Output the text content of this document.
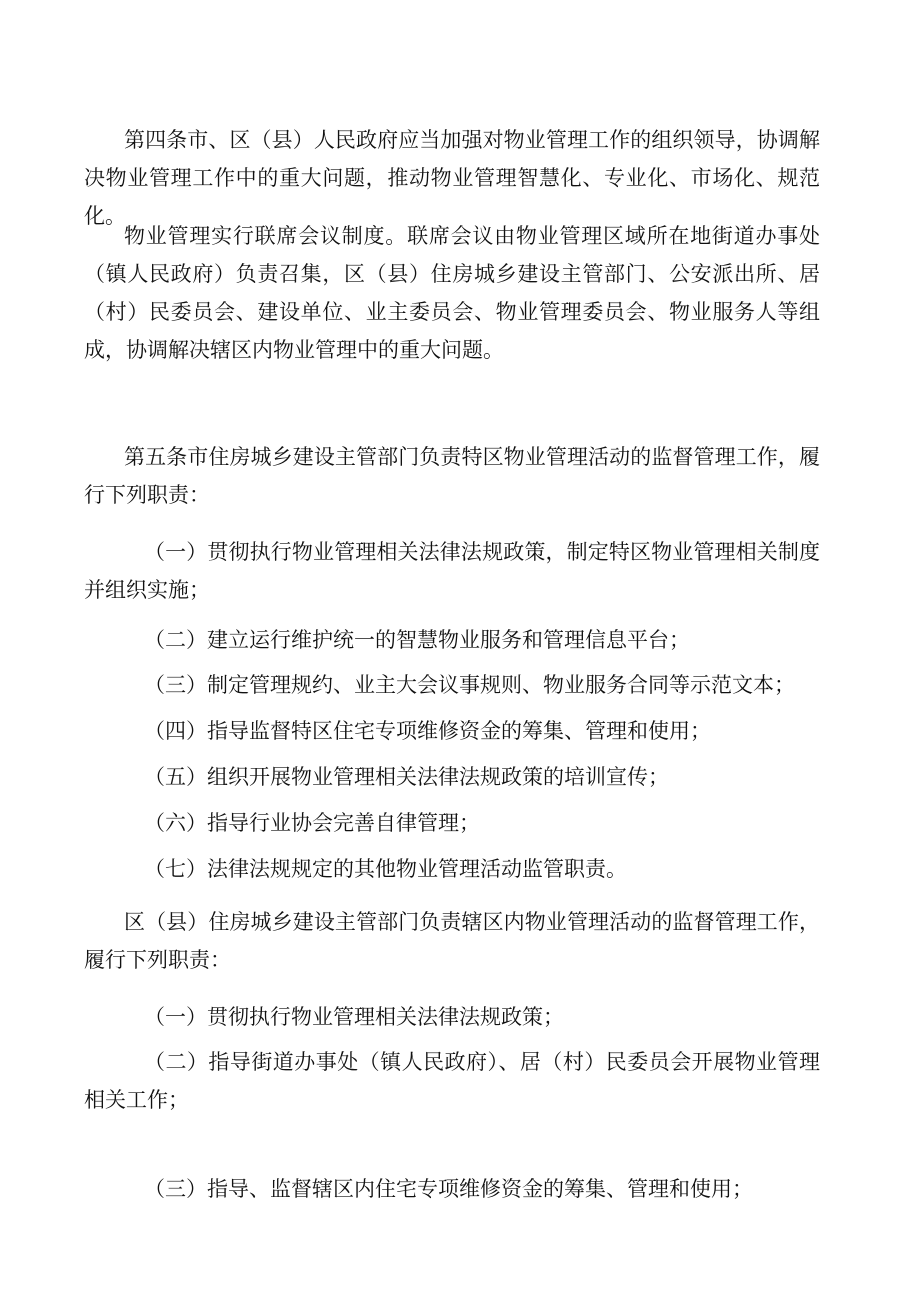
第四条市、区（县）人民政府应当加强对物业管理工作的组织领导，协调解决物业管理工作中的重大问题，推动物业管理智慧化、专业化、市场化、规范化。

物业管理实行联席会议制度。联席会议由物业管理区域所在地街道办事处（镇人民政府）负责召集，区（县）住房城乡建设主管部门、公安派出所、居（村）民委员会、建设单位、业主委员会、物业管理委员会、物业服务人等组成，协调解决辖区内物业管理中的重大问题。

第五条市住房城乡建设主管部门负责特区物业管理活动的监督管理工作，履行下列职责：

（一）贯彻执行物业管理相关法律法规政策，制定特区物业管理相关制度并组织实施；

（二）建立运行维护统一的智慧物业服务和管理信息平台；

（三）制定管理规约、业主大会议事规则、物业服务合同等示范文本；

（四）指导监督特区住宅专项维修资金的筹集、管理和使用；

（五）组织开展物业管理相关法律法规政策的培训宣传；

（六）指导行业协会完善自律管理；

（七）法律法规规定的其他物业管理活动监管职责。

区（县）住房城乡建设主管部门负责辖区内物业管理活动的监督管理工作，履行下列职责：

（一）贯彻执行物业管理相关法律法规政策；

（二）指导街道办事处（镇人民政府）、居（村）民委员会开展物业管理相关工作；

（三）指导、监督辖区内住宅专项维修资金的筹集、管理和使用；
